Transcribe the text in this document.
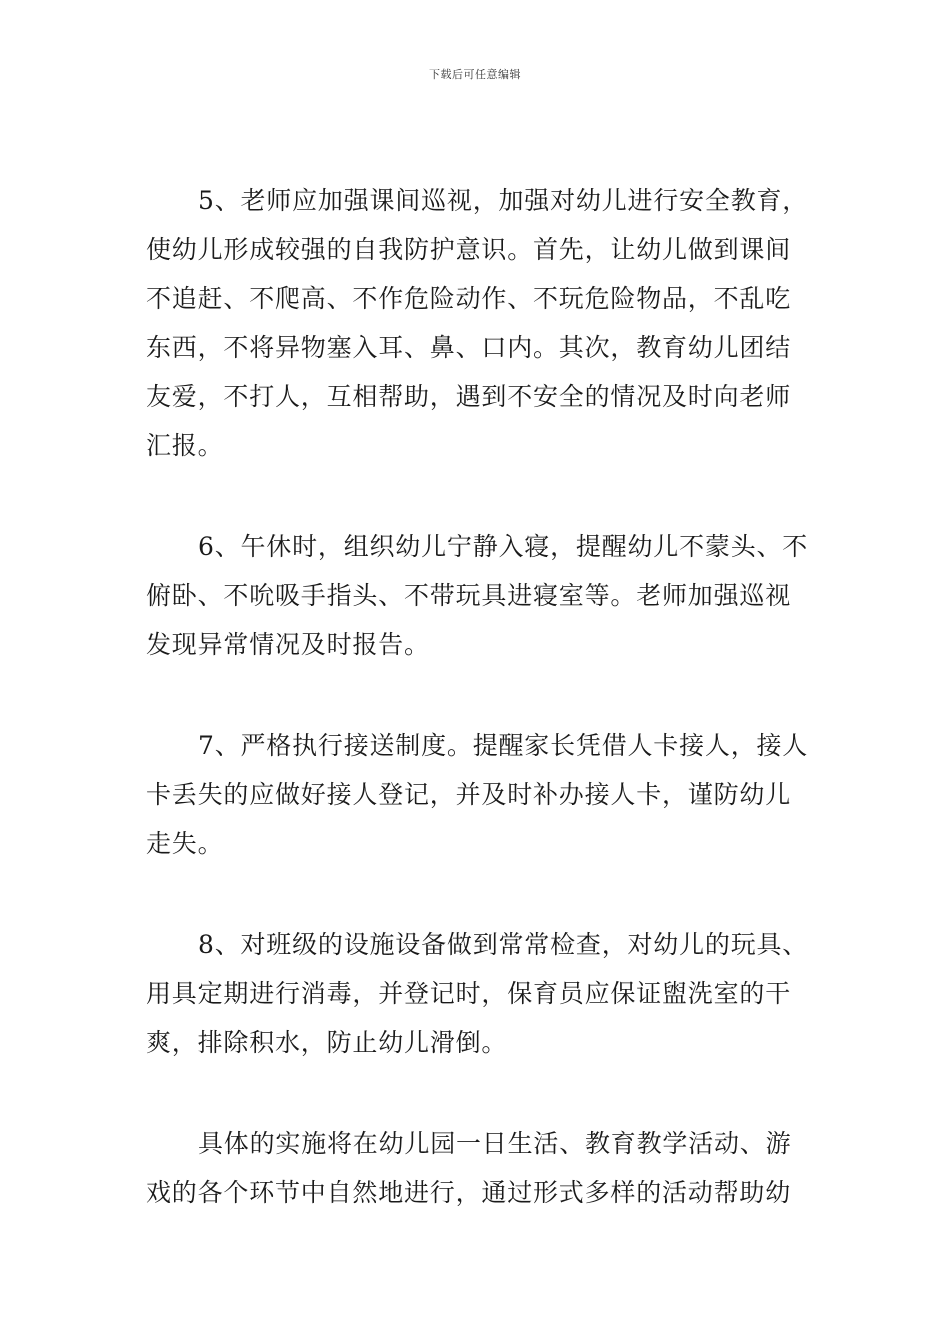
下载后可任意编辑

5、老师应加强课间巡视，加强对幼儿进行安全教育，
使幼儿形成较强的自我防护意识。首先，让幼儿做到课间
不追赶、不爬高、不作危险动作、不玩危险物品，不乱吃
东西，不将异物塞入耳、鼻、口内。其次，教育幼儿团结
友爱，不打人，互相帮助，遇到不安全的情况及时向老师
汇报。

6、午休时，组织幼儿宁静入寝，提醒幼儿不蒙头、不
俯卧、不吮吸手指头、不带玩具进寝室等。老师加强巡视
发现异常情况及时报告。

7、严格执行接送制度。提醒家长凭借人卡接人，接人
卡丢失的应做好接人登记，并及时补办接人卡，谨防幼儿
走失。

8、对班级的设施设备做到常常检查，对幼儿的玩具、
用具定期进行消毒，并登记时，保育员应保证盥洗室的干
爽，排除积水，防止幼儿滑倒。

具体的实施将在幼儿园一日生活、教育教学活动、游
戏的各个环节中自然地进行，通过形式多样的活动帮助幼
